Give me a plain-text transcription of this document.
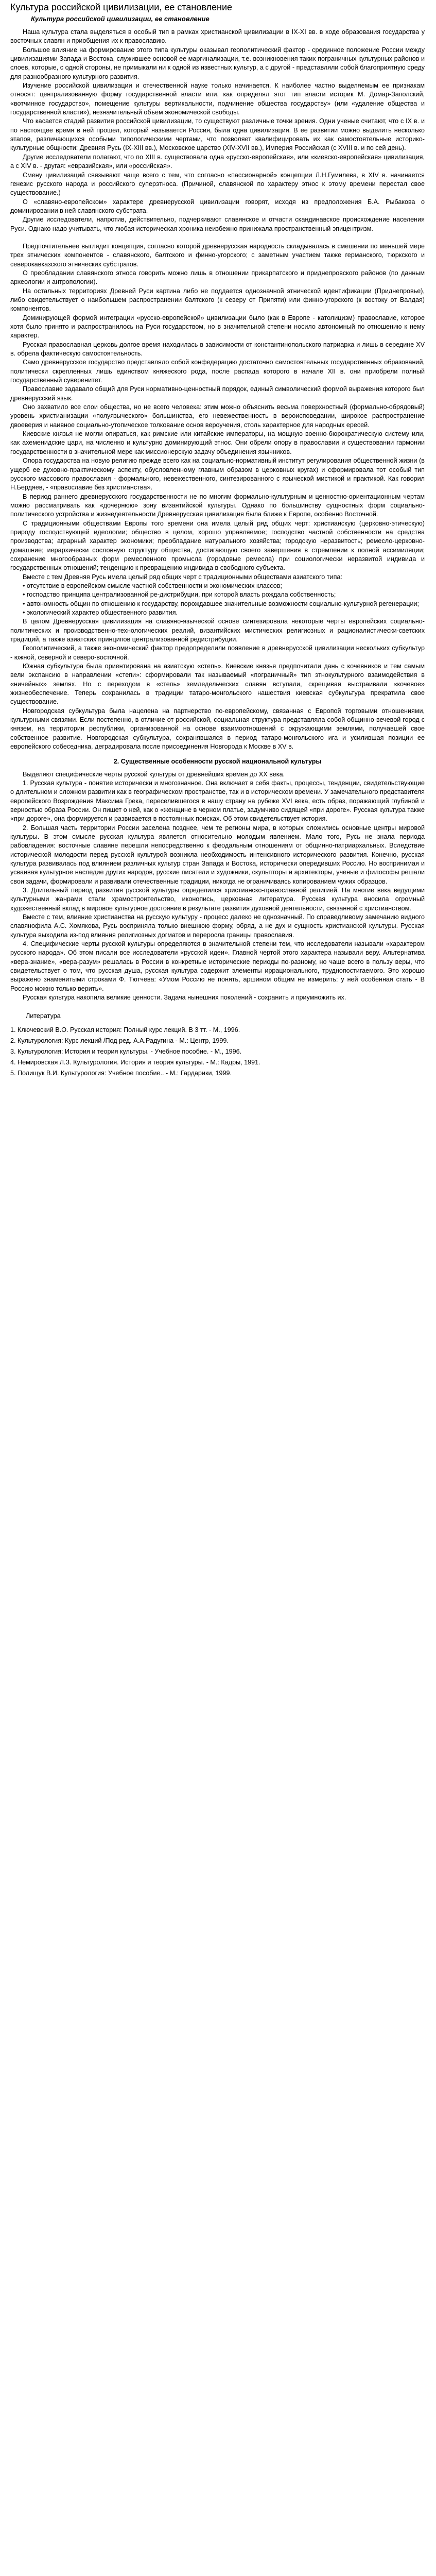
Культура российской цивилизации, ее становление
Культура российской цивилизации, ее становление

Наша культура стала выделяться в особый тип в рамках христианской цивилизации в IX-XI вв. в ходе образования государства у восточных славян и приобщения их к православию.

Большое влияние на формирование этого типа культуры оказывал геополитический фактор - срединное положение России между цивилизациями Запада и Востока, служившее основой ее маргинализации, т.е. возникновения таких пограничных культурных районов и слоев, которые, с одной стороны, не примыкали ни к одной из известных культур, а с другой - представляли собой благоприятную среду для разнообразного культурного развития.

Изучение российской цивилизации и отечественной науке только начинается. К наиболее частно выделяемым ее признакам относят: централизованную форму государственной власти или, как определял этот тип власти историк М. Домар-Заполский, «вотчинное государство», помещение культуры вертикальности, подчинение общества государству» (или «удаление общества и государственной власти»), незначительный объем экономической свободы.

Что касается стадий развития российской цивилизации, то существуют различные точки зрения. Одни ученые считают, что с IX в. и по настоящее время в ней прошел, который называется Россия, была одна цивилизация. В ее развитии можно выделить несколько этапов, различающихся особыми типологическими чертами, что позволяет квалифицировать их как самостоятельные историко-культурные общности: Древняя Русь (IX-XIII вв.), Московское царство (XIV-XVII вв.), Империя Российская (с XVIII в. и по сей день).

Другие исследователи полагают, что по XIII в. существовала одна «русско-европейская», или «киевско-европейская» цивилизация, а с XIV в. - другая: «евразийская», или «российская».

Смену цивилизаций связывают чаще всего с тем, что согласно «пассионарной» концепции Л.Н.Гумилева, в XIV в. начинается генезис русского народа и российского суперэтноса. (Причиной, славянской по характеру этнос к этому времени перестал свое существование.)

О «славяно-европейском» характере древнерусской цивилизации говорят, исходя из предположения Б.А. Рыбакова о доминировании в ней славянского субстрата.

Другие исследователи, напротив, действительно, подчеркивают славянское и отчасти скандинавское происхождение населения Руси. Однако надо учитывать, что любая историческая хроника неизбежно принижала пространственный эпицентризм.

Предпочтительнее выглядит концепция, согласно которой древнерусская народность складывалась в смешении по меньшей мере трех этнических компонентов - славянского, балтского и финно-угорского; с заметным участием также германского, тюркского и северокавказского этнических субстратов.

О преобладании славянского этноса говорить можно лишь в отношении прикарпатского и приднепровского районов (по данным археологии и антропологии).

На остальных территориях Древней Руси картина либо не поддается однозначной этнической идентификации (Приднепровье), либо свидетельствует о наибольшем распространении балтского (к северу от Припяти) или финно-угорского (к востоку от Валдая) компонентов.

Доминирующей формой интеграции «русско-европейской» цивилизации было (как в Европе - католицизм) православие, которое хотя было принято и распространилось на Руси государством, но в значительной степени носило автономный по отношению к нему характер.

Русская православная церковь долгое время находилась в зависимости от константинопольского патриарха и лишь в середине XV в. обрела фактическую самостоятельность.

Само древнерусское государство представляло собой конфедерацию достаточно самостоятельных государственных образований, политически скрепленных лишь единством княжеского рода, после распада которого в начале XII в. они приобрели полный государственный суверенитет.

Православие задавало общий для Руси нормативно-ценностный порядок, единый символический формой выражения которого был древнерусский язык.

Оно захватило все слои общества, но не всего человека: этим можно объяснить весьма поверхностный (формально-обрядовый) уровень христианизации «полуязыческого» большинства, его невежественность в вероисповедании, широкое распространение двоеверия и наивное социально-утопическое толкование основ вероучения, столь характерное для народных ересей.

Киевские князья не могли опираться, как римские или китайские императоры, на мощную военно-бюрократическую систему или, как ахеменидские цари, на численно и культурно доминирующий этнос. Они обрели опору в православии и существовании гармонии государственности в значительной мере как миссионерскую задачу объединения язычников.

Опора государства на новую религию прежде всего как на социально-нормативный институт регулирования общественной жизни (в ущерб ее духовно-практическому аспекту, обусловленному главным образом в церковных кругах) и сформировала тот особый тип русского массового православия - формального, невежественного, синтезированного с языческой мистикой и практикой. Как говорил Н.Бердяев, - «православие без христианства».

В период раннего древнерусского государственности не по многим формально-культурным и ценностно-ориентационным чертам можно рассматривать как «дочернюю» зону византийской культуры. Однако по большинству сущностных форм социально-политического устройства и жизнедеятельности Древнерусская цивилизация была ближе к Европе, особенно Восточной.

С традиционными обществами Европы того времени она имела целый ряд общих черт: христианскую (церковно-этическую) природу господствующей идеологии; общество в целом, хорошо управляемое; господство частной собственности на средства производства; аграрный характер экономики; преобладание натурального хозяйства; городскую неразвитость; ремесло-церковно-домашние; иерархически сословную структуру общества, достигающую своего завершения в стремлении к полной ассимиляции; сохранение многообразных форм ремесленного промысла (городовые ремесла) при социологически неразвитой индивида и государственных отношений; тенденцию к превращению индивида в свободного субъекта.

Вместе с тем Древняя Русь имела целый ряд общих черт с традиционными обществами азиатского типа:

• отсутствие в европейском смысле частной собственности и экономических классов;

• господство принципа централизованной ре-дистрибуции, при которой власть рождала собственность;

• автономность общин по отношению к государству, порождавшее значительные возможности социально-культурной регенерации;

• экологический характер общественного развития.

В целом Древнерусская цивилизация на славяно-языческой основе синтезировала некоторые черты европейских социально-политических и производственно-технологических реалий, византийских мистических религиозных и рационалистически-светских традиций, а также азиатских принципов централизованной редистрибуции.

Геополитический, а также экономический фактор предопределили появление в древнерусской цивилизации нескольких субкультур - южной, северной и северо-восточной.

Южная субкультура была ориентирована на азиатскую «степь». Киевские князья предпочитали дань с кочевников и тем самым вели экспансию в направлении «степи»: сформировали так называемый «пограничный» тип этнокультурного взаимодействия в «ничейных» землях. Но с переходом в «степь» земледельческих славян вступали, скрещивая выстраивали «кочевое» жизнеобеспечение. Теперь сохранилась в традиции татаро-монгольского нашествия киевская субкультура прекратила свое существование.

Новгородская субкультура была нацелена на партнерство по-европейскому, связанная с Европой торговыми отношениями, культурными связями. Если постепенно, в отличие от российской, социальная структура представляла собой общинно-вечевой город с князем, на территории республики, организованной на основе взаимоотношений с окружающими землями, получавшей свое собственное развитие. Новгородская субкультура, сохранявшаяся в период татаро-монгольского ига и усилившая позиции ее европейского собеседника, деградировала после присоединения Новгорода к Москве в XV в.

2. Существенные особенности русской национальной культуры

Выделяют специфические черты русской культуры от древнейших времен до XX века.

1. Русская культура - понятие исторически и многозначное. Она включает в себя факты, процессы, тенденции, свидетельствующие о длительном и сложном развитии как в географическом пространстве, так и в историческом времени. У замечательного представителя европейского Возрождения Максима Грека, переселившегося в нашу страну на рубеже XVI века, есть образ, поражающий глубиной и верностью образа России. Он пишет о ней, как о «женщине в черном платье, задумчиво сидящей «при дороге». Русская культура также «при дороге», она формируется и развивается в постоянных поисках. Об этом свидетельствует история.

2. Большая часть территории России заселена позднее, чем те регионы мира, в которых сложились основные центры мировой культуры. В этом смысле русская культура является относительно молодым явлением. Мало того, Русь не знала периода рабовладения: восточные славяне перешли непосредственно к феодальным отношениям от общинно-патриархальных. Вследствие исторической молодости перед русской культурой возникла необходимость интенсивного исторического развития. Конечно, русская культура развивалась под влиянием различных культур стран Запада и Востока, исторически опередивших Россию. Но воспринимая и усваивая культурное наследие других народов, русские писатели и художники, скульпторы и архитекторы, ученые и философы решали свои задачи, формировали и развивали отечественные традиции, никогда не ограничиваясь копированием чужих образцов.

3. Длительный период развития русской культуры определился христианско-православной религией. На многие века ведущими культурными жанрами стали храмостроительство, иконопись, церковная литература. Русская культура вносила огромный художественный вклад в мировое культурное достояние в результате развития духовной деятельности, связанной с христианством.

Вместе с тем, влияние христианства на русскую культуру - процесс далеко не однозначный. По справедливому замечанию видного славянофила А.С. Хомякова, Русь восприняла только внешнюю форму, обряд, а не дух и сущность христианской культуры. Русская культура выходила из-под влияния религиозных догматов и переросла границы православия.

4. Специфические черты русской культуры определяются в значительной степени тем, что исследователи называли «характером русского народа». Об этом писали все исследователи «русской идеи». Главной чертой этого характера называли веру. Альтернатива «вера-знание», «вера-разум» решалась в России в конкретные исторические периоды по-разному, но чаще всего в пользу веры, что свидетельствует о том, что русская душа, русская культура содержит элементы иррационального, труднопостигаемого. Это хорошо выражено знаменитыми строками Ф. Тютчева: «Умом Россию не понять, аршином общим не измерить: у ней особенная стать - В Россию можно только верить».

Русская культура накопила великие ценности. Задача нынешних поколений - сохранить и приумножить их.

Литература
1. Ключевский В.О. Русская история: Полный курс лекций. В 3 тт. - М., 1996.
2. Культурология: Курс лекций /Под ред. А.А.Радугина - М.: Центр, 1999.
3. Культурология: История и теория культуры. - Учебное пособие. - М., 1996.
4. Немировская Л.З. Культурология. История и теория культуры. - М.: Кадры, 1991.
5. Полищук В.И. Культурология: Учебное пособие.. - М.: Гардарики, 1999.
